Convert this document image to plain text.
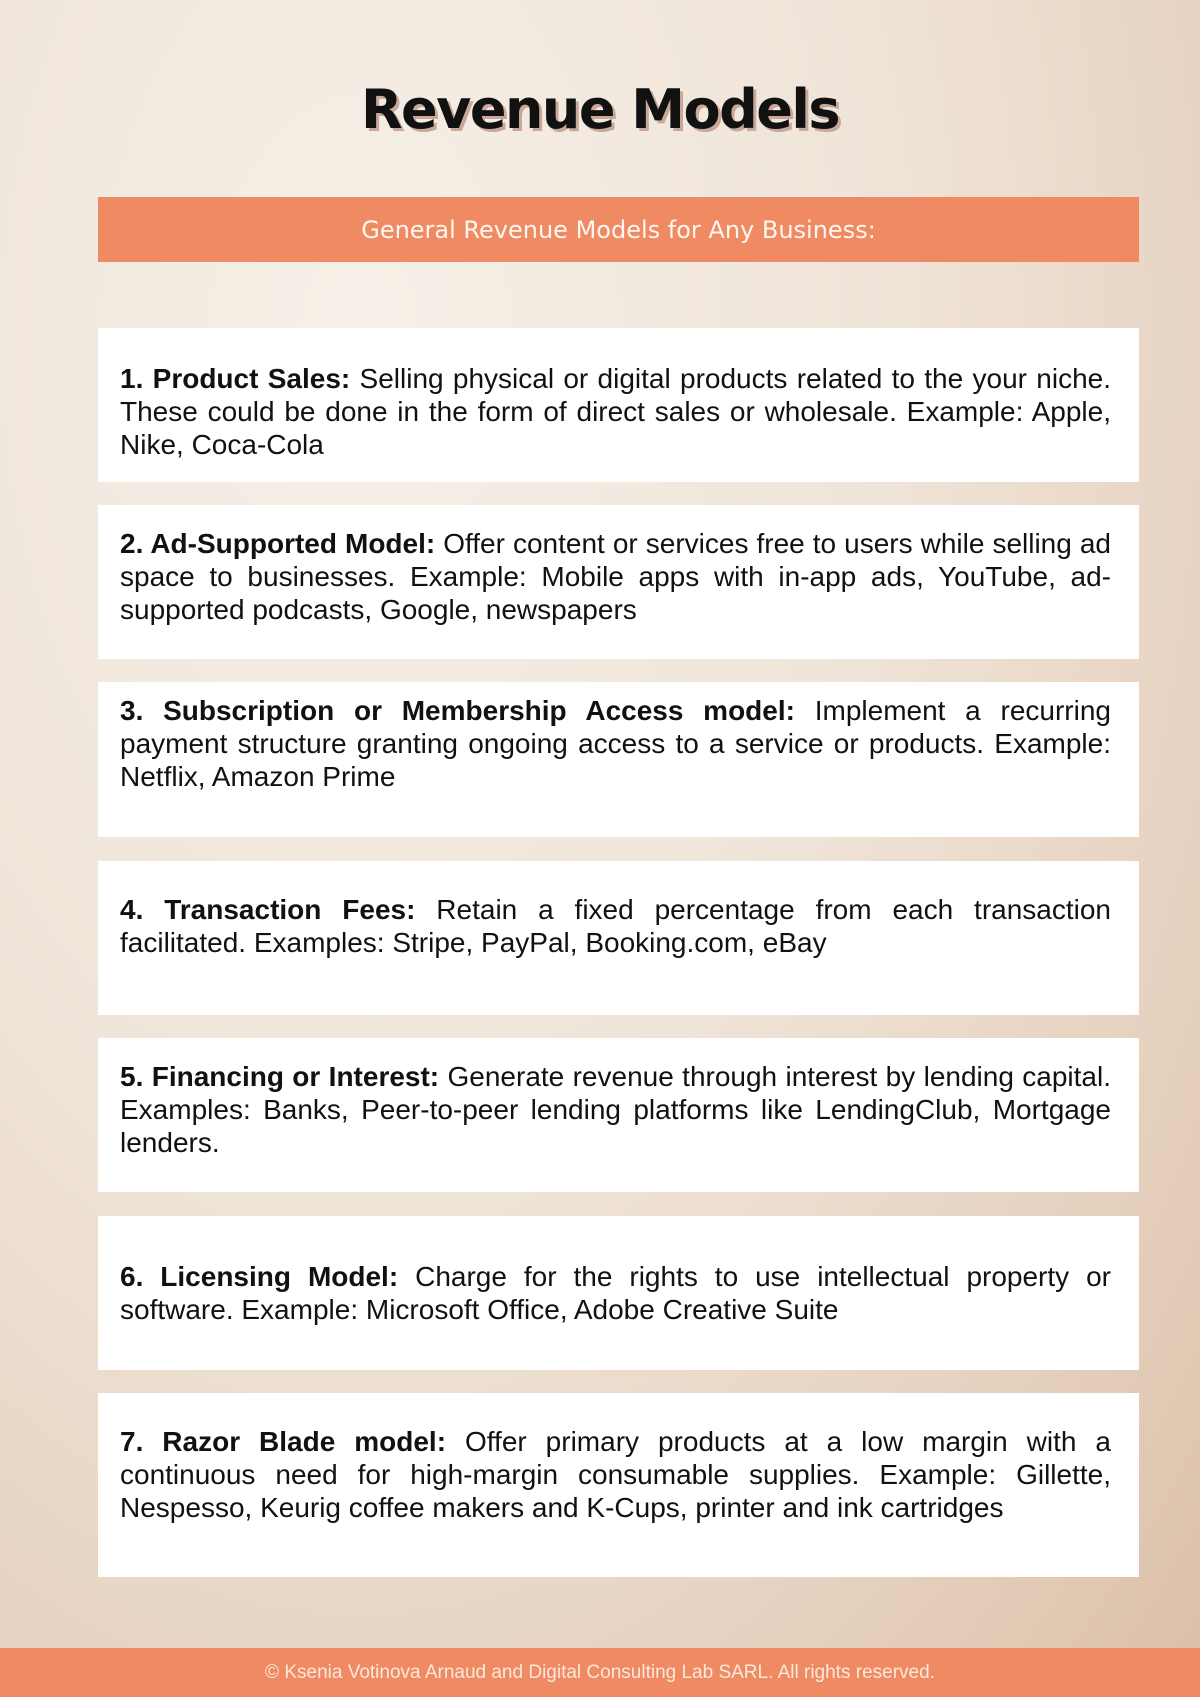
Revenue Models
General Revenue Models for Any Business:

1. Product Sales: Selling physical or digital products related to the your niche. These could be done in the form of direct sales or wholesale. Example: Apple, Nike, Coca-Cola

2. Ad-Supported Model: Offer content or services free to users while selling ad space to businesses. Example: Mobile apps with in-app ads, YouTube, ad-supported podcasts, Google, newspapers

3. Subscription or Membership Access model: Implement a recurring payment structure granting ongoing access to a service or products. Example: Netflix, Amazon Prime

4. Transaction Fees: Retain a fixed percentage from each transaction facilitated. Examples: Stripe, PayPal, Booking.com, eBay

5. Financing or Interest: Generate revenue through interest by lending capital. Examples: Banks, Peer-to-peer lending platforms like LendingClub, Mortgage lenders.

6. Licensing Model: Charge for the rights to use intellectual property or software. Example: Microsoft Office, Adobe Creative Suite

7. Razor Blade model: Offer primary products at a low margin with a continuous need for high-margin consumable supplies. Example: Gillette, Nespesso, Keurig coffee makers and K-Cups, printer and ink cartridges

© Ksenia Votinova Arnaud and Digital Consulting Lab SARL. All rights reserved.
